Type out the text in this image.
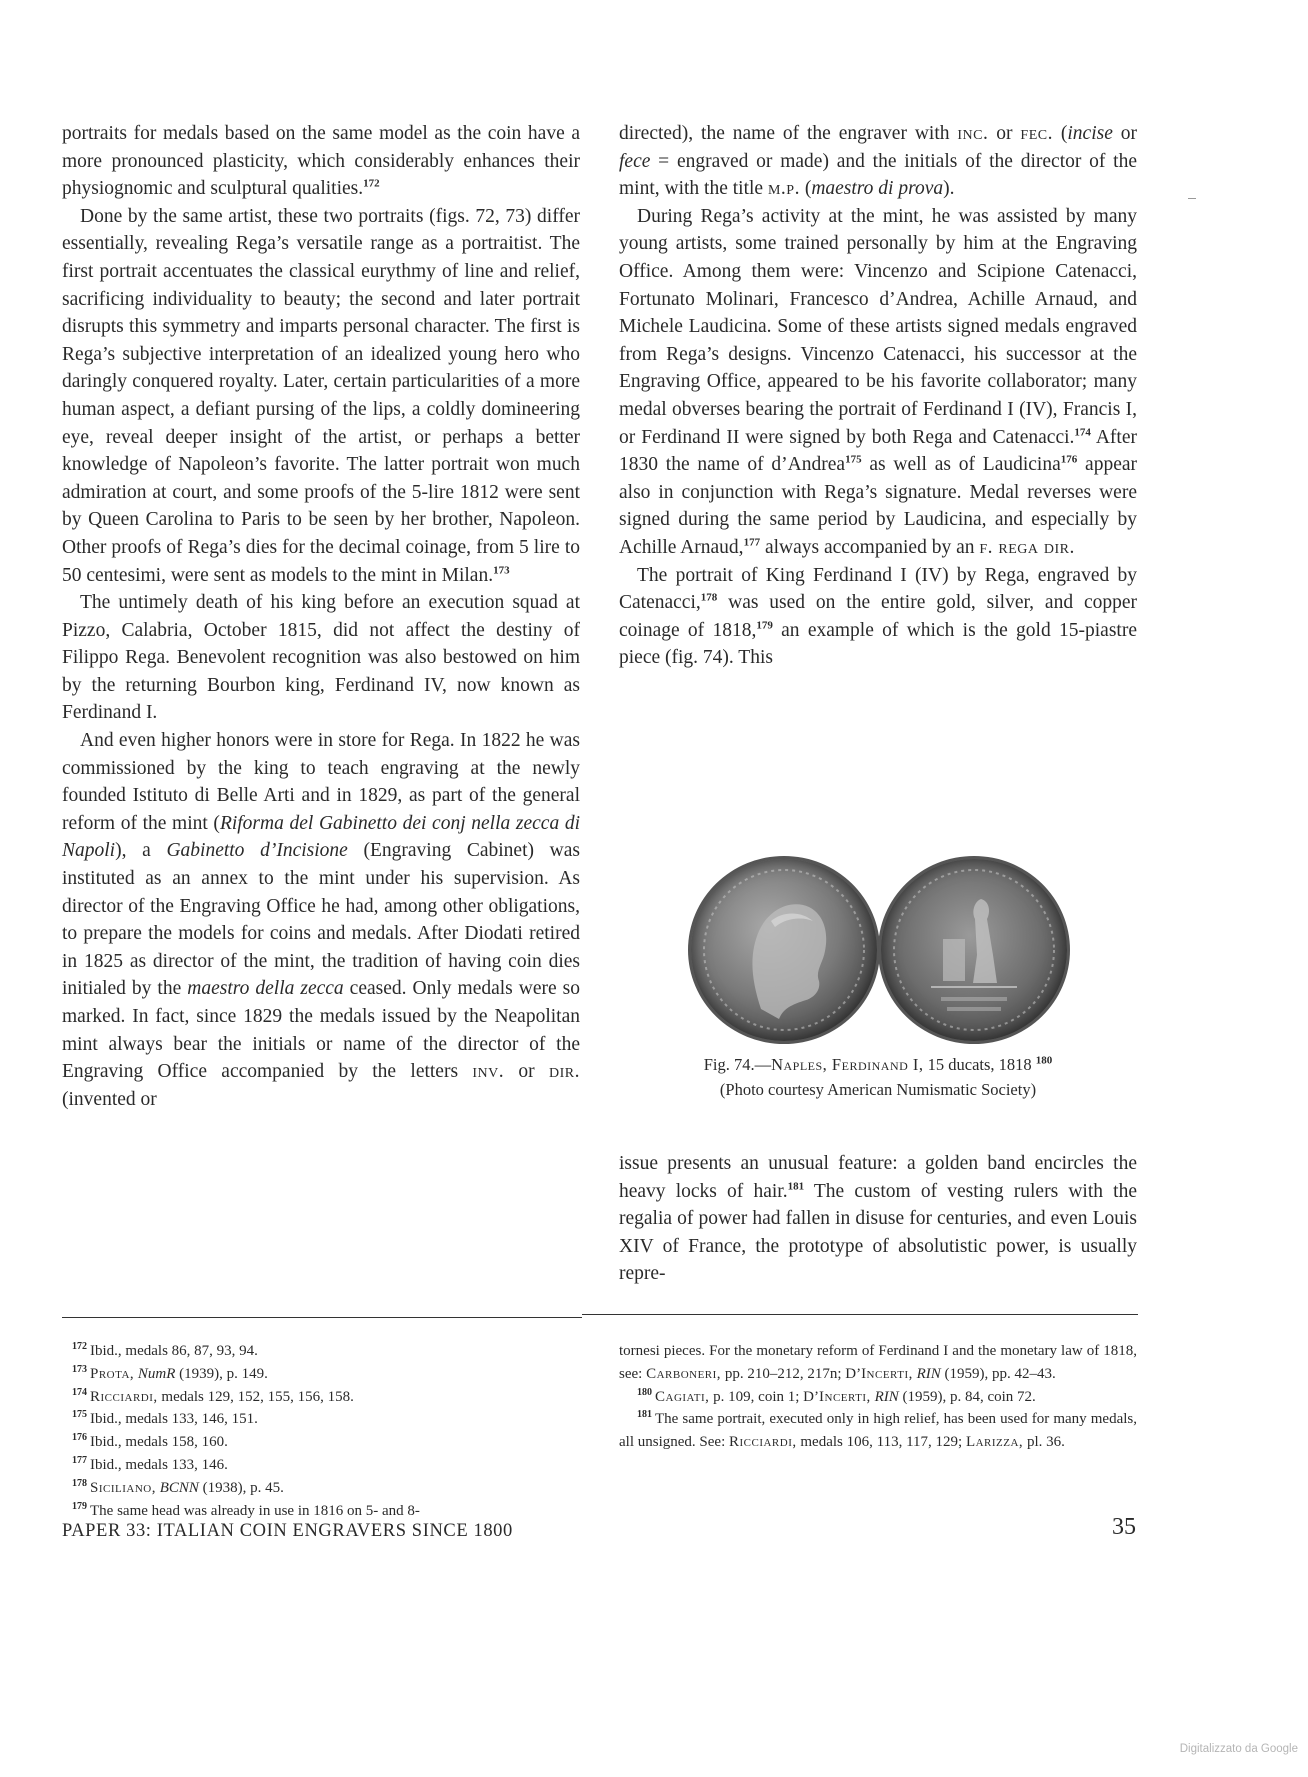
portraits for medals based on the same model as the coin have a more pronounced plasticity, which considerably enhances their physiognomic and sculptural qualities.$^{172}$

Done by the same artist, these two portraits (figs. 72, 73) differ essentially, revealing Rega’s versatile range as a portraitist. The first portrait accentuates the classical eurythmy of line and relief, sacrificing individuality to beauty; the second and later portrait disrupts this symmetry and imparts personal character. The first is Rega’s subjective interpretation of an idealized young hero who daringly conquered royalty. Later, certain particularities of a more human aspect, a defiant pursing of the lips, a coldly domineering eye, reveal deeper insight of the artist, or perhaps a better knowledge of Napoleon’s favorite. The latter portrait won much admiration at court, and some proofs of the 5-lire 1812 were sent by Queen Carolina to Paris to be seen by her brother, Napoleon. Other proofs of Rega’s dies for the decimal coinage, from 5 lire to 50 centesimi, were sent as models to the mint in Milan.$^{173}$

The untimely death of his king before an execution squad at Pizzo, Calabria, October 1815, did not affect the destiny of Filippo Rega. Benevolent recognition was also bestowed on him by the returning Bourbon king, Ferdinand IV, now known as Ferdinand I.

And even higher honors were in store for Rega. In 1822 he was commissioned by the king to teach engraving at the newly founded Istituto di Belle Arti and in 1829, as part of the general reform of the mint (Riforma del Gabinetto dei conj nella zecca di Napoli), a Gabinetto d’Incisione (Engraving Cabinet) was instituted as an annex to the mint under his supervision. As director of the Engraving Office he had, among other obligations, to prepare the models for coins and medals. After Diodati retired in 1825 as director of the mint, the tradition of having coin dies initialed by the maestro della zecca ceased. Only medals were so marked. In fact, since 1829 the medals issued by the Neapolitan mint always bear the initials or name of the director of the Engraving Office accompanied by the letters inv. or dir. (invented or

directed), the name of the engraver with inc. or fec. (incise or fece = engraved or made) and the initials of the director of the mint, with the title m.p. (maestro di prova).

During Rega’s activity at the mint, he was assisted by many young artists, some trained personally by him at the Engraving Office. Among them were: Vincenzo and Scipione Catenacci, Fortunato Molinari, Francesco d’Andrea, Achille Arnaud, and Michele Laudicina. Some of these artists signed medals engraved from Rega’s designs. Vincenzo Catenacci, his successor at the Engraving Office, appeared to be his favorite collaborator; many medal obverses bearing the portrait of Ferdinand I (IV), Francis I, or Ferdinand II were signed by both Rega and Catenacci.$^{174}$ After 1830 the name of d’Andrea$^{175}$ as well as of Laudicina$^{176}$ appear also in conjunction with Rega’s signature. Medal reverses were signed during the same period by Laudicina, and especially by Achille Arnaud,$^{177}$ always accompanied by an f. rega dir.

The portrait of King Ferdinand I (IV) by Rega, engraved by Catenacci,$^{178}$ was used on the entire gold, silver, and copper coinage of 1818,$^{179}$ an example of which is the gold 15-piastre piece (fig. 74). This

Fig. 74.—Naples, Ferdinand I, 15 ducats, 1818 $^{180}$
(Photo courtesy American Numismatic Society)

issue presents an unusual feature: a golden band encircles the heavy locks of hair.$^{181}$ The custom of vesting rulers with the regalia of power had fallen in disuse for centuries, and even Louis XIV of France, the prototype of absolutistic power, is usually repre-

$^{172}$ Ibid., medals 86, 87, 93, 94.
$^{173}$ Prota, NumR (1939), p. 149.
$^{174}$ Ricciardi, medals 129, 152, 155, 156, 158.
$^{175}$ Ibid., medals 133, 146, 151.
$^{176}$ Ibid., medals 158, 160.
$^{177}$ Ibid., medals 133, 146.
$^{178}$ Siciliano, BCNN (1938), p. 45.
$^{179}$ The same head was already in use in 1816 on 5- and 8-
tornesi pieces. For the monetary reform of Ferdinand I and the monetary law of 1818, see: Carboneri, pp. 210–212, 217n; D’Incerti, RIN (1959), pp. 42–43.
$^{180}$ Cagiati, p. 109, coin 1; D’Incerti, RIN (1959), p. 84, coin 72.
$^{181}$ The same portrait, executed only in high relief, has been used for many medals, all unsigned. See: Ricciardi, medals 106, 113, 117, 129; Larizza, pl. 36.
PAPER 33: ITALIAN COIN ENGRAVERS SINCE 1800	35
Digitalizzato da Google
